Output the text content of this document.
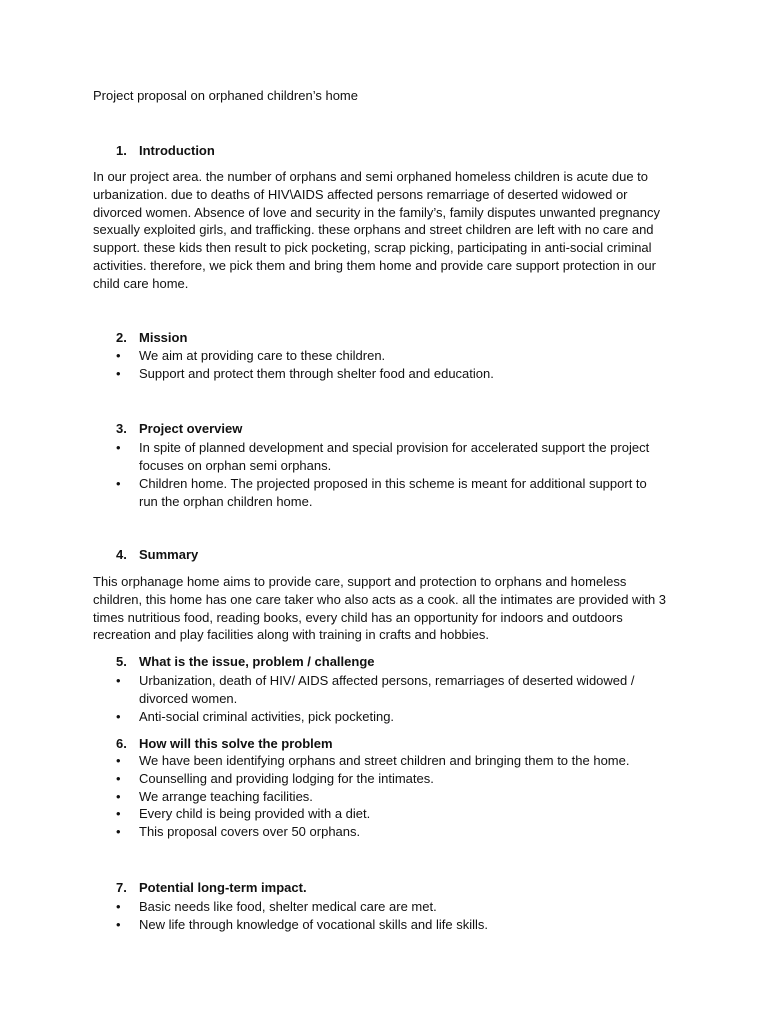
Project proposal on orphaned children’s home
1. Introduction
In our project area. the number of orphans and semi orphaned homeless children is acute due to urbanization. due to deaths of HIV\AIDS affected persons remarriage of deserted widowed or divorced women. Absence of love and security in the family’s, family disputes unwanted pregnancy sexually exploited girls, and trafficking. these orphans and street children are left with no care and support. these kids then result to pick pocketing, scrap picking, participating in anti-social criminal activities. therefore, we pick them and bring them home and provide care support protection in our child care home.
2. Mission
• We aim at providing care to these children.
• Support and protect them through shelter food and education.
3. Project overview
• In spite of planned development and special provision for accelerated support the project focuses on orphan semi orphans.
• Children home. The projected proposed in this scheme is meant for additional support to run the orphan children home.
4. Summary
This orphanage home aims to provide care, support and protection to orphans and homeless children, this home has one care taker who also acts as a cook. all the intimates are provided with 3 times nutritious food, reading books, every child has an opportunity for indoors and outdoors recreation and play facilities along with training in crafts and hobbies.
5. What is the issue, problem / challenge
• Urbanization, death of HIV/ AIDS affected persons, remarriages of deserted widowed / divorced women.
• Anti-social criminal activities, pick pocketing.
6. How will this solve the problem
• We have been identifying orphans and street children and bringing them to the home.
• Counselling and providing lodging for the intimates.
• We arrange teaching facilities.
• Every child is being provided with a diet.
• This proposal covers over 50 orphans.
7. Potential long-term impact.
• Basic needs like food, shelter medical care are met.
• New life through knowledge of vocational skills and life skills.
